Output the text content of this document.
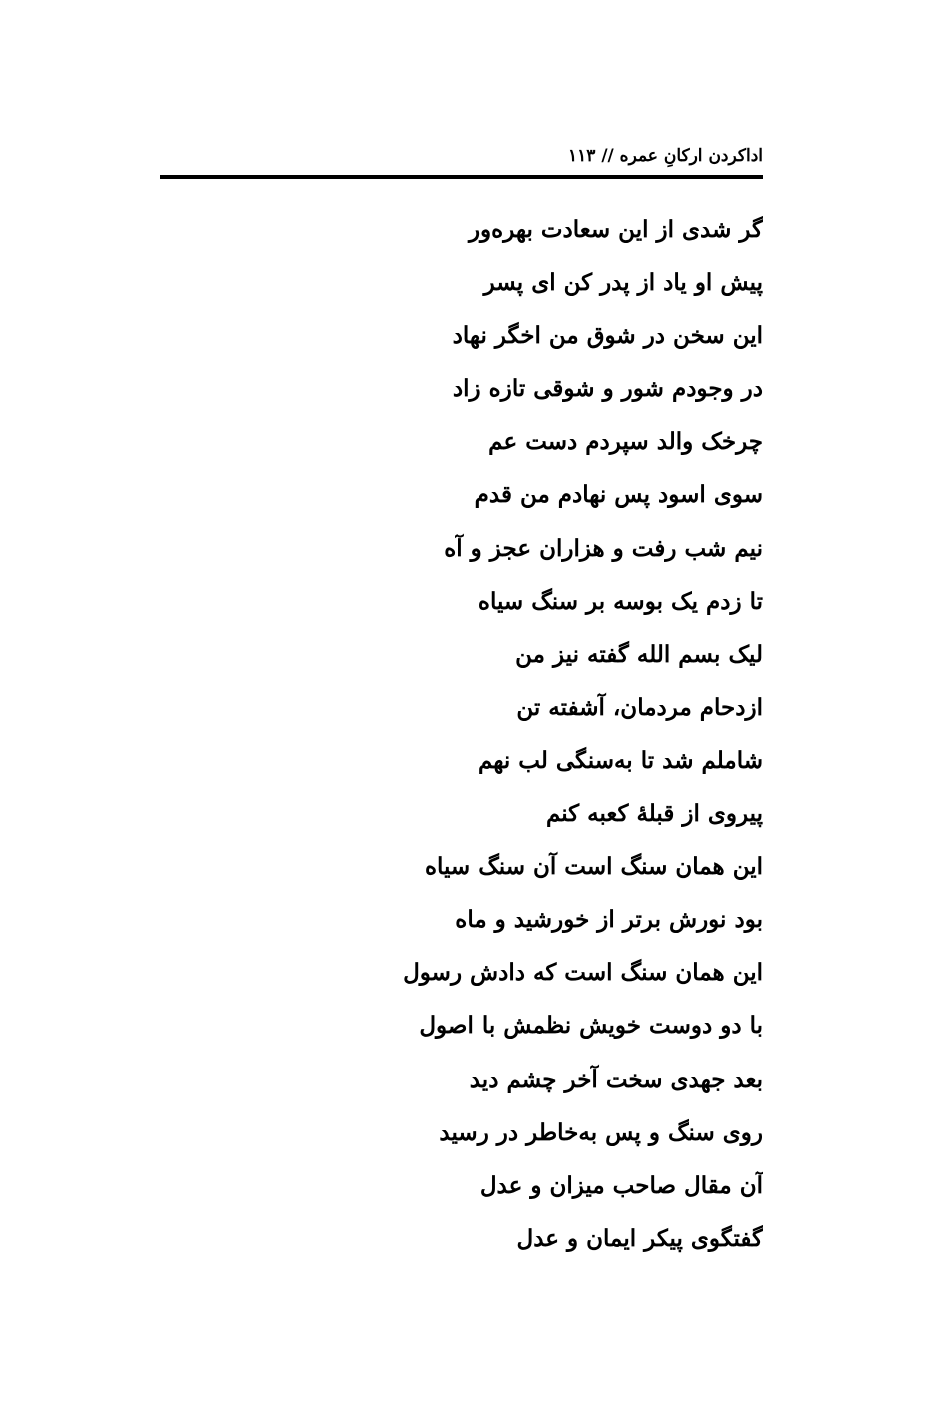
اداکردن ارکانِ عمره // ۱۱۳
گر شدی از این سعادت بهره‌ور
پیش او یاد از پدر کن ای پسر
این سخن در شوق من اخگر نهاد
در وجودم شور و شوقی تازه زاد
چرخک والد سپردم دست عم
سوی اسود پس نهادم من قدم
نیم شب رفت و هزاران عجز و آه
تا زدم یک بوسه بر سنگ سیاه
لیک بسم الله گفته نیز من
ازدحام مردمان، آشفته تن
شاملم شد تا به‌سنگی لب نهم
پیروی از قبلهٔ کعبه کنم
این همان سنگ است آن سنگ سیاه
بود نورش برتر از خورشید و ماه
این همان سنگ است که دادش رسول
با دو دوست خویش نظمش با اصول
بعد جهدی سخت آخر چشم دید
روی سنگ و پس به‌خاطر در رسید
آن مقال صاحب میزان و عدل
گفتگوی پیکر ایمان و عدل
